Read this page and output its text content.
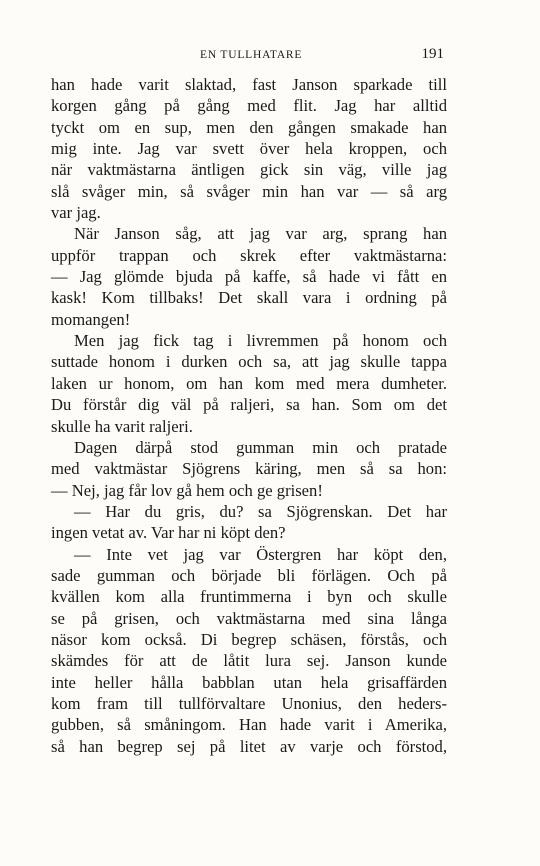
EN TULLHATARE	191
han hade varit slaktad, fast Janson sparkade till
korgen gång på gång med flit. Jag har alltid
tyckt om en sup, men den gången smakade han
mig inte. Jag var svett över hela kroppen, och
när vaktmästarna äntligen gick sin väg, ville jag
slå svåger min, så svåger min han var — så arg
var jag.
När Janson såg, att jag var arg, sprang han
uppför trappan och skrek efter vaktmästarna:
— Jag glömde bjuda på kaffe, så hade vi fått en
kask! Kom tillbaks! Det skall vara i ordning på
momangen!
Men jag fick tag i livremmen på honom och
suttade honom i durken och sa, att jag skulle tappa
laken ur honom, om han kom med mera dumheter.
Du förstår dig väl på raljeri, sa han. Som om det
skulle ha varit raljeri.
Dagen därpå stod gumman min och pratade
med vaktmästar Sjögrens käring, men så sa hon:
— Nej, jag får lov gå hem och ge grisen!
— Har du gris, du? sa Sjögrenskan. Det har
ingen vetat av. Var har ni köpt den?
— Inte vet jag var Östergren har köpt den,
sade gumman och började bli förlägen. Och på
kvällen kom alla fruntimmerna i byn och skulle
se på grisen, och vaktmästarna med sina långa
näsor kom också. Di begrep schäsen, förstås, och
skämdes för att de låtit lura sej. Janson kunde
inte heller hålla babblan utan hela grisaffärden
kom fram till tullförvaltare Unonius, den heders-
gubben, så småningom. Han hade varit i Amerika,
så han begrep sej på litet av varje och förstod,
